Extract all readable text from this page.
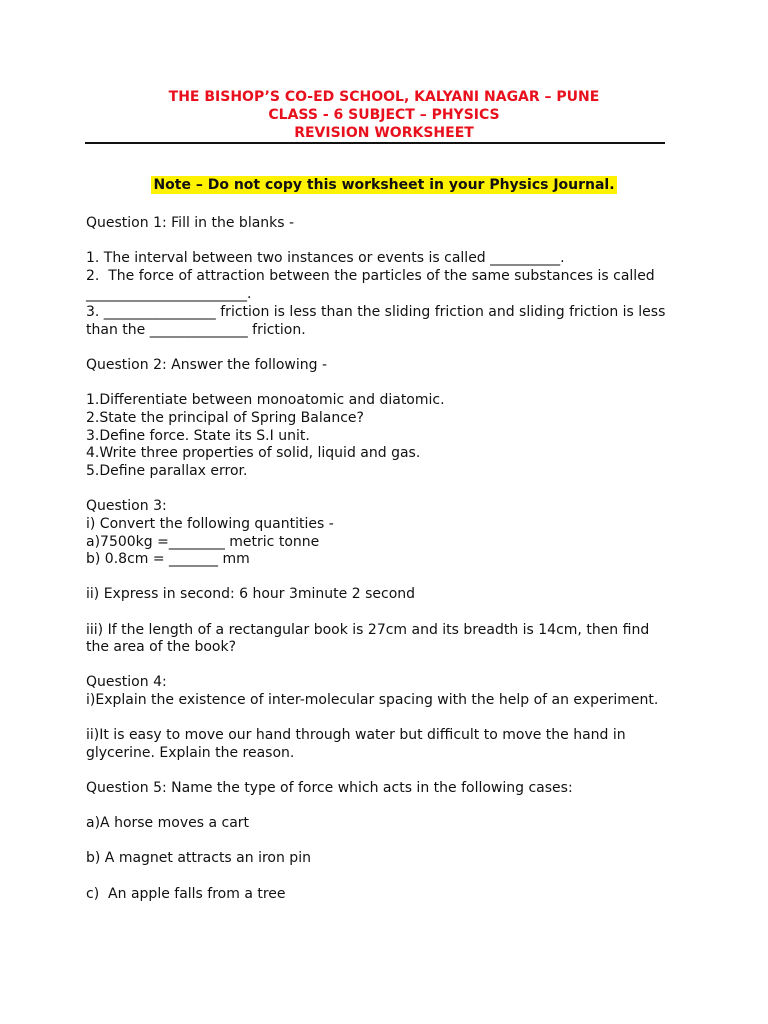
THE BISHOP’S CO-ED SCHOOL, KALYANI NAGAR – PUNE
CLASS - 6 SUBJECT – PHYSICS
REVISION WORKSHEET
Note – Do not copy this worksheet in your Physics Journal.
Question 1: Fill in the blanks -
1. The interval between two instances or events is called __________.
2.  The force of attraction between the particles of the same substances is called
_______________________.
3. ________________ friction is less than the sliding friction and sliding friction is less
than the ______________ friction.
Question 2: Answer the following -
1.Differentiate between monoatomic and diatomic.
2.State the principal of Spring Balance?
3.Define force. State its S.I unit.
4.Write three properties of solid, liquid and gas.
5.Define parallax error.
Question 3:
i) Convert the following quantities -
a)7500kg =________ metric tonne
b) 0.8cm = _______ mm
ii) Express in second: 6 hour 3minute 2 second
iii) If the length of a rectangular book is 27cm and its breadth is 14cm, then find
the area of the book?
Question 4:
i)Explain the existence of inter-molecular spacing with the help of an experiment.
ii)It is easy to move our hand through water but difficult to move the hand in
glycerine. Explain the reason.
Question 5: Name the type of force which acts in the following cases:
a)A horse moves a cart
b) A magnet attracts an iron pin
c)  An apple falls from a tree
